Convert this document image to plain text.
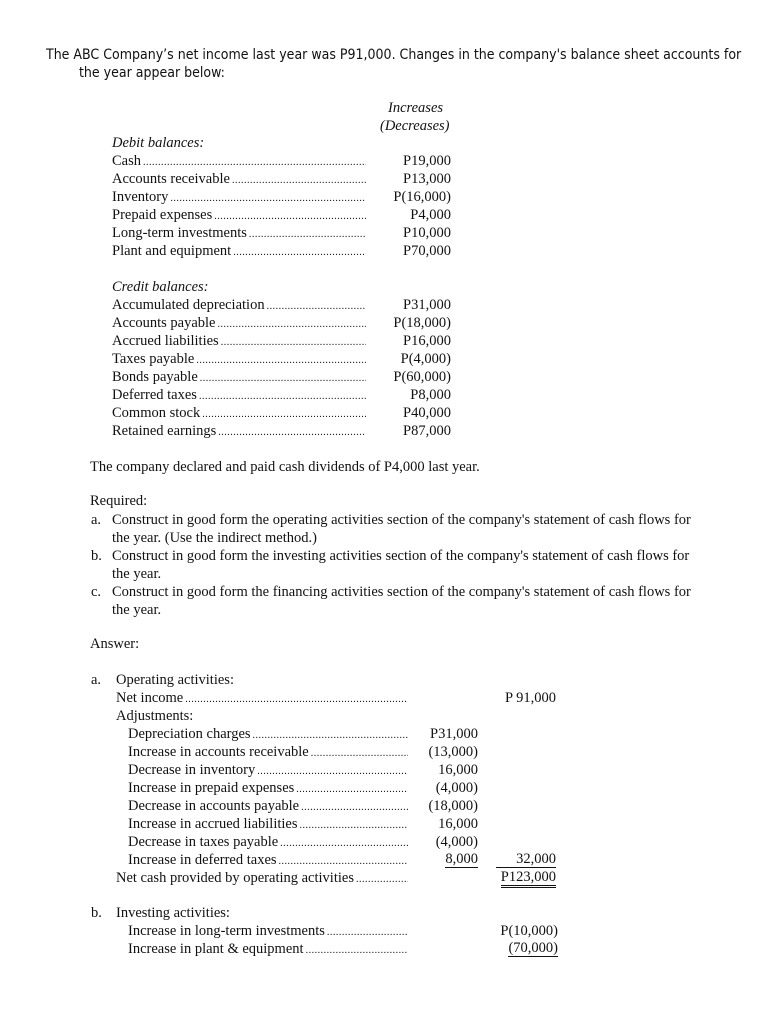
The ABC Company’s net income last year was P91,000. Changes in the company's balance sheet accounts for
the year appear below:
Increases
(Decreases)
Debit balances:
Cash .....	P19,000
Accounts receivable .....	P13,000
Inventory .....	P(16,000)
Prepaid expenses .....	P4,000
Long-term investments .....	P10,000
Plant and equipment .....	P70,000
Credit balances:
Accumulated depreciation .....	P31,000
Accounts payable .....	P(18,000)
Accrued liabilities .....	P16,000
Taxes payable .....	P(4,000)
Bonds payable .....	P(60,000)
Deferred taxes .....	P8,000
Common stock .....	P40,000
Retained earnings .....	P87,000
The company declared and paid cash dividends of P4,000 last year.
Required:
a. Construct in good form the operating activities section of the company's statement of cash flows for
the year. (Use the indirect method.)
b. Construct in good form the investing activities section of the company's statement of cash flows for
the year.
c. Construct in good form the financing activities section of the company's statement of cash flows for
the year.
Answer:
a. Operating activities:
Net income .....	P 91,000
Adjustments:
Depreciation charges .....	P31,000
Increase in accounts receivable .....	(13,000)
Decrease in inventory .....	16,000
Increase in prepaid expenses .....	(4,000)
Decrease in accounts payable .....	(18,000)
Increase in accrued liabilities .....	16,000
Decrease in taxes payable .....	(4,000)
Increase in deferred taxes .....	8,000	32,000
Net cash provided by operating activities .....	P123,000
b. Investing activities:
Increase in long-term investments .....	P(10,000)
Increase in plant & equipment .....	(70,000)
